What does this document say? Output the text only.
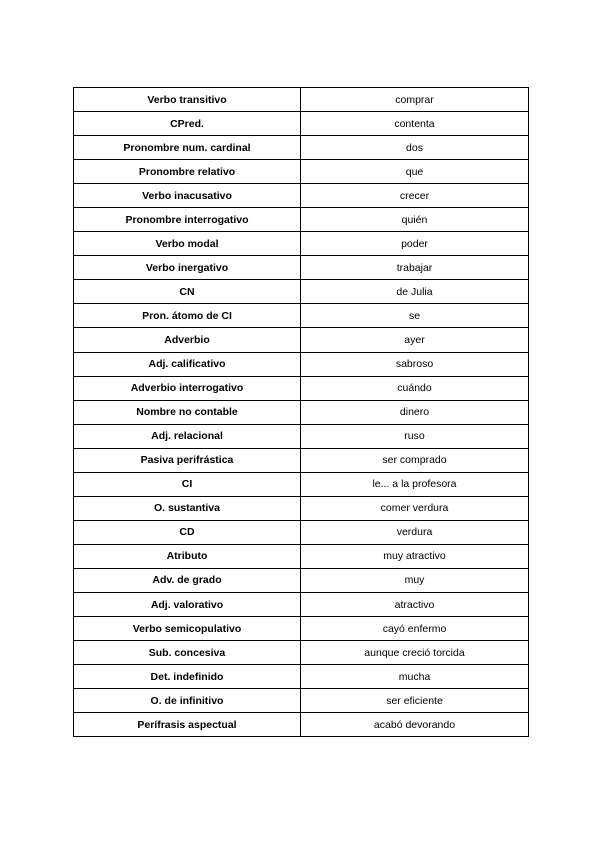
Verbo transitivo	comprar
CPred.	contenta
Pronombre num. cardinal	dos
Pronombre relativo	que
Verbo inacusativo	crecer
Pronombre interrogativo	quién
Verbo modal	poder
Verbo inergativo	trabajar
CN	de Julia
Pron. átomo de CI	se
Adverbio	ayer
Adj. calificativo	sabroso
Adverbio interrogativo	cuándo
Nombre no contable	dinero
Adj. relacional	ruso
Pasiva perifrástica	ser comprado
CI	le... a la profesora
O. sustantiva	comer verdura
CD	verdura
Atributo	muy atractivo
Adv. de grado	muy
Adj. valorativo	atractivo
Verbo semicopulativo	cayó enfermo
Sub. concesiva	aunque creció torcida
Det. indefinido	mucha
O. de infinitivo	ser eficiente
Perífrasis aspectual	acabó devorando
